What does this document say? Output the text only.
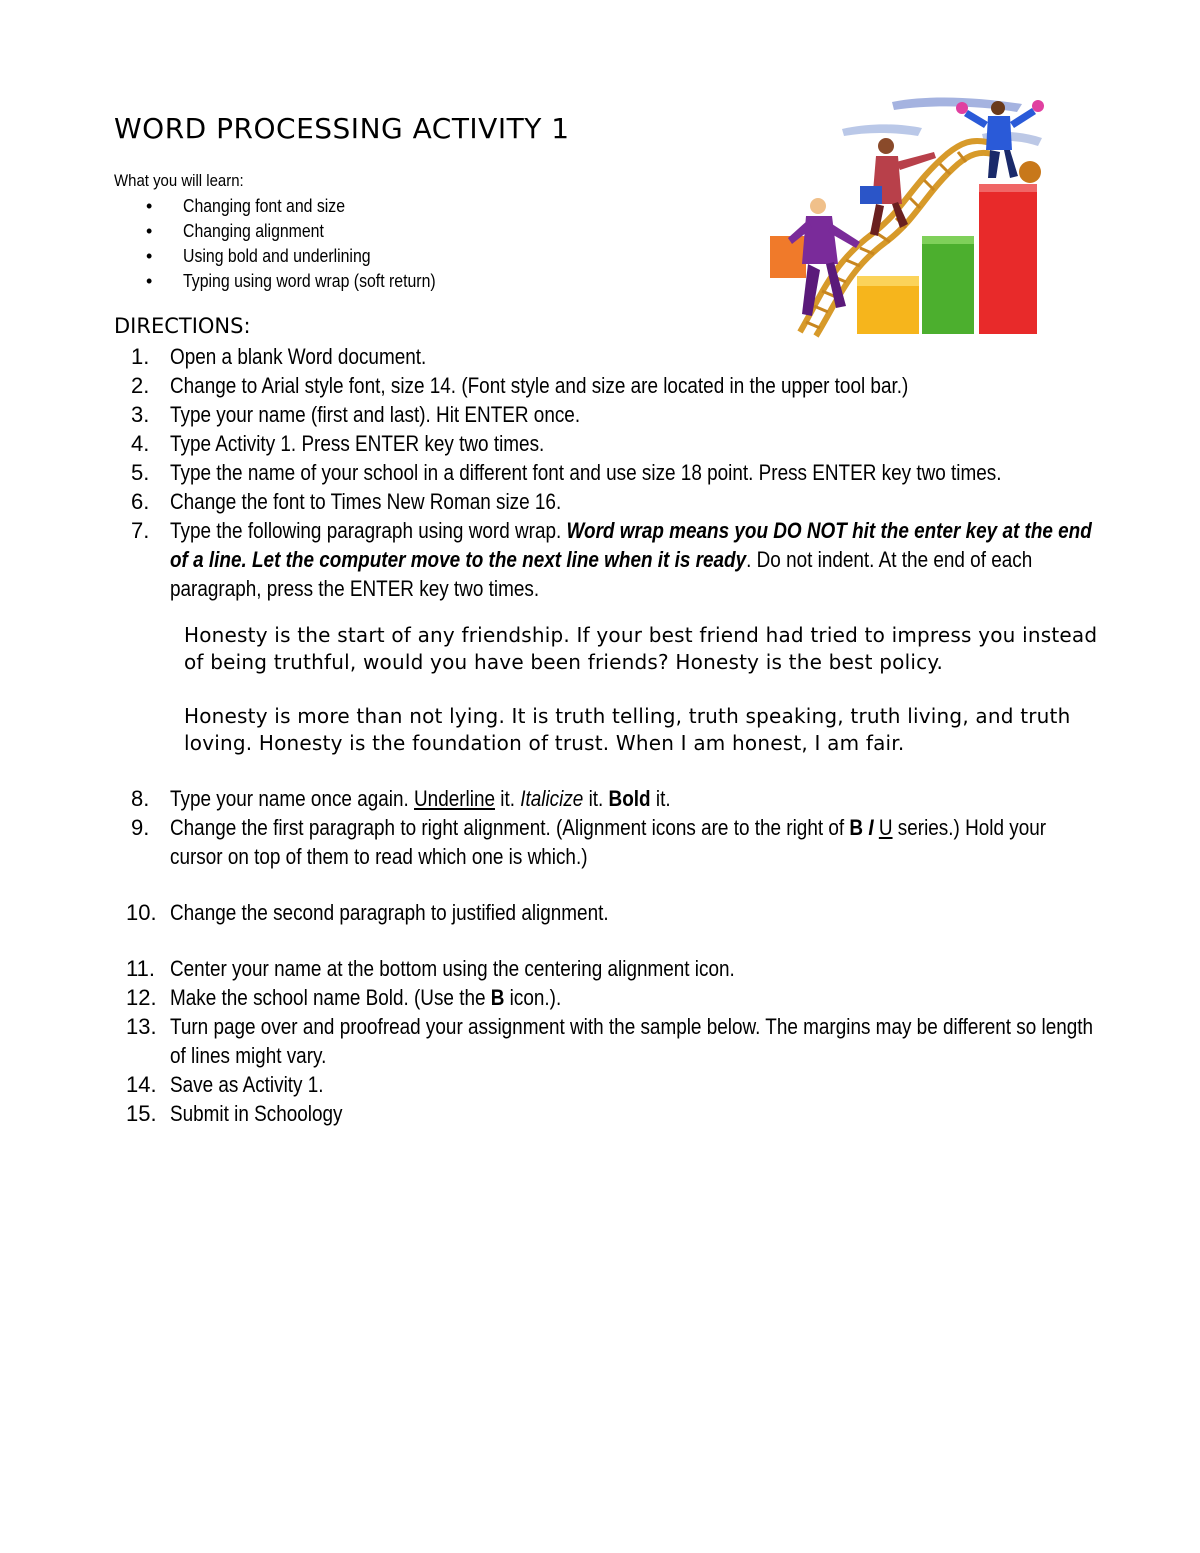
WORD PROCESSING ACTIVITY 1
What you will learn:
• Changing font and size
• Changing alignment
• Using bold and underlining
• Typing using word wrap (soft return)
DIRECTIONS:
1. Open a blank Word document.
2. Change to Arial style font, size 14. (Font style and size are located in the upper tool bar.)
3. Type your name (first and last). Hit ENTER once.
4. Type Activity 1. Press ENTER key two times.
5. Type the name of your school in a different font and use size 18 point. Press ENTER key two times.
6. Change the font to Times New Roman size 16.
7. Type the following paragraph using word wrap. Word wrap means you DO NOT hit the enter key at the end of a line. Let the computer move to the next line when it is ready. Do not indent. At the end of each paragraph, press the ENTER key two times.
Honesty is the start of any friendship. If your best friend had tried to impress you instead of being truthful, would you have been friends? Honesty is the best policy.
Honesty is more than not lying. It is truth telling, truth speaking, truth living, and truth loving. Honesty is the foundation of trust. When I am honest, I am fair.
8. Type your name once again. Underline it. Italicize it. Bold it.
9. Change the first paragraph to right alignment. (Alignment icons are to the right of B I U series.) Hold your cursor on top of them to read which one is which.)
10. Change the second paragraph to justified alignment.
11. Center your name at the bottom using the centering alignment icon.
12. Make the school name Bold. (Use the B icon.).
13. Turn page over and proofread your assignment with the sample below. The margins may be different so length of lines might vary.
14. Save as Activity 1.
15. Submit in Schoology
